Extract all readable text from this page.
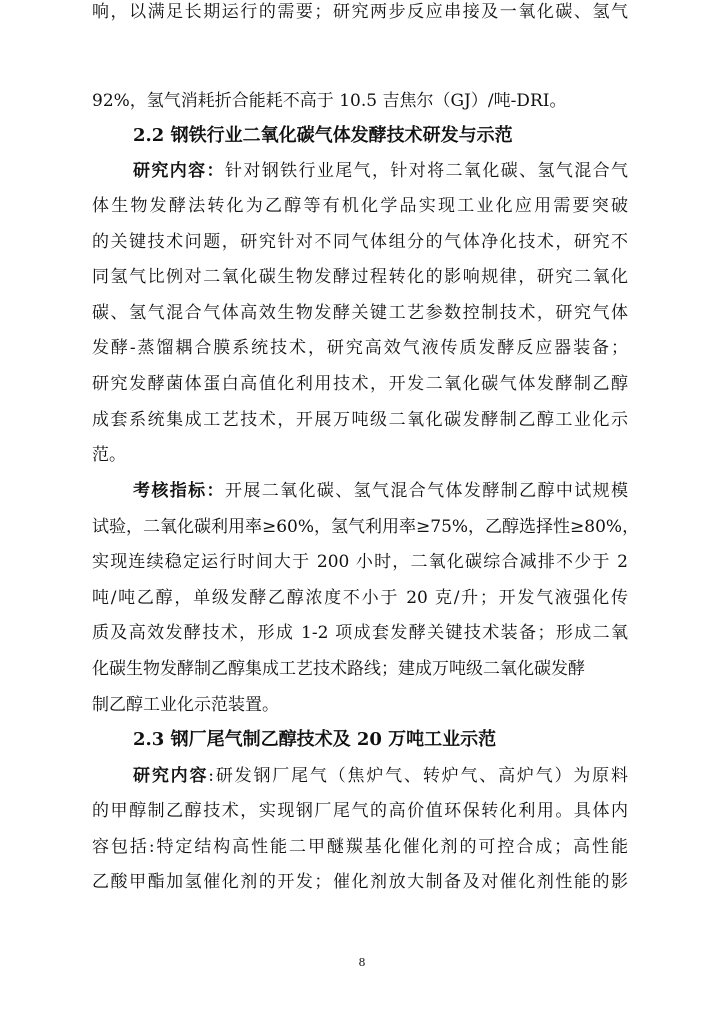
92%，氢气消耗折合能耗不高于 10.5 吉焦尔（GJ）/吨-DRI。
2.2 钢铁行业二氧化碳气体发酵技术研发与示范
研究内容：针对钢铁行业尾气，针对将二氧化碳、氢气混合气
体生物发酵法转化为乙醇等有机化学品实现工业化应用需要突破
的关键技术问题，研究针对不同气体组分的气体净化技术，研究不
同氢气比例对二氧化碳生物发酵过程转化的影响规律，研究二氧化
碳、氢气混合气体高效生物发酵关键工艺参数控制技术，研究气体
发酵-蒸馏耦合膜系统技术，研究高效气液传质发酵反应器装备；
研究发酵菌体蛋白高值化利用技术，开发二氧化碳气体发酵制乙醇
成套系统集成工艺技术，开展万吨级二氧化碳发酵制乙醇工业化示
范。
考核指标：开展二氧化碳、氢气混合气体发酵制乙醇中试规模
试验，二氧化碳利用率≥60%，氢气利用率≥75%，乙醇选择性≥80%，
实现连续稳定运行时间大于 200 小时，二氧化碳综合减排不少于 2
吨/吨乙醇，单级发酵乙醇浓度不小于 20 克/升；开发气液强化传
质及高效发酵技术，形成 1-2 项成套发酵关键技术装备；形成二氧
化碳生物发酵制乙醇集成工艺技术路线；建成万吨级二氧化碳发酵
制乙醇工业化示范装置。
2.3 钢厂尾气制乙醇技术及 20 万吨工业示范
研究内容:研发钢厂尾气（焦炉气、转炉气、高炉气）为原料
的甲醇制乙醇技术，实现钢厂尾气的高价值环保转化利用。具体内
容包括:特定结构高性能二甲醚羰基化催化剂的可控合成；高性能
乙酸甲酯加氢催化剂的开发；催化剂放大制备及对催化剂性能的影
响，以满足长期运行的需要；研究两步反应串接及一氧化碳、氢气
8
